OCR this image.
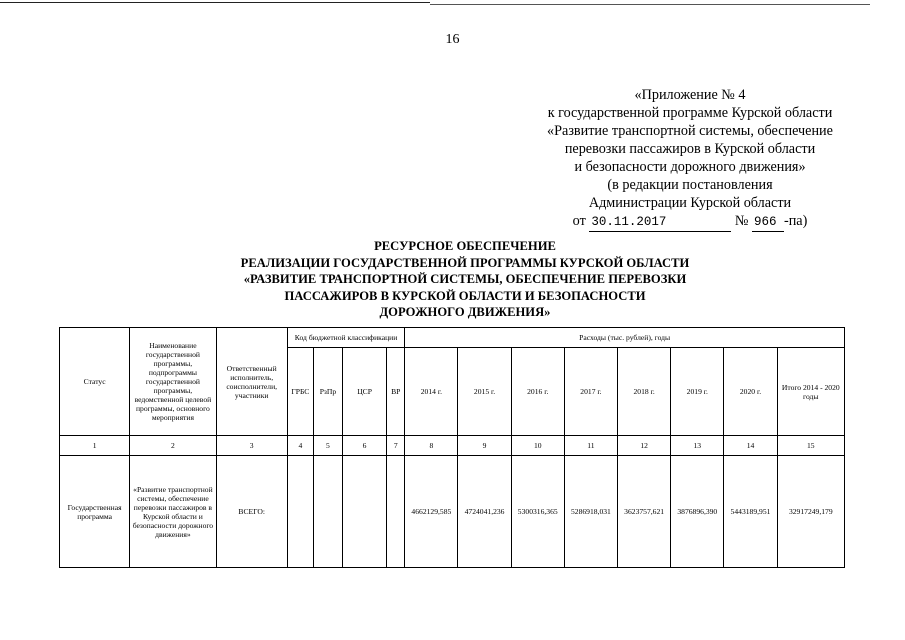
16
«Приложение № 4
к государственной программе Курской области
«Развитие транспортной системы, обеспечение
перевозки пассажиров в Курской области
и безопасности дорожного движения»
(в редакции постановления
Администрации Курской области
от 30.11.2017	№ 966 -па)
РЕСУРСНОЕ ОБЕСПЕЧЕНИЕ
РЕАЛИЗАЦИИ ГОСУДАРСТВЕННОЙ ПРОГРАММЫ КУРСКОЙ ОБЛАСТИ
«РАЗВИТИЕ ТРАНСПОРТНОЙ СИСТЕМЫ, ОБЕСПЕЧЕНИЕ ПЕРЕВОЗКИ
ПАССАЖИРОВ В КУРСКОЙ ОБЛАСТИ И БЕЗОПАСНОСТИ
ДОРОЖНОГО ДВИЖЕНИЯ»
Статус	Наименование государственной программы, подпрограммы государственной программы, ведомственной целевой программы, основного мероприятия	Ответственный исполнитель, соисполнители, участники	Код бюджетной классификации				Расходы (тыс. рублей), годы							
			ГРБС	РзПр	ЦСР	ВР	2014 г.	2015 г.	2016 г.	2017 г.	2018 г.	2019 г.	2020 г.	Итого 2014 - 2020 годы
1	2	3	4	5	6	7	8	9	10	11	12	13	14	15
Государственная программа	«Развитие транспортной системы, обеспечение перевозки пассажиров в Курской области и безопасности дорожного движения»	ВСЕГО:					4662129,585	4724041,236	5300316,365	5286918,031	3623757,621	3876896,390	5443189,951	32917249,179
